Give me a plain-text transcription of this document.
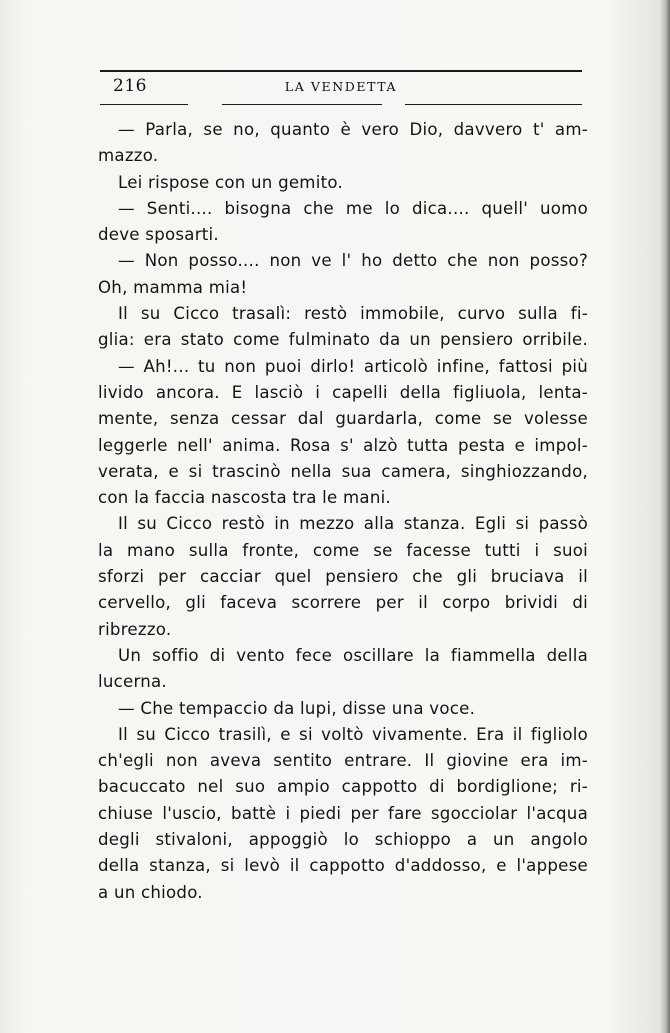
216	LA VENDETTA
— Parla, se no, quanto è vero Dio, davvero t' am-
mazzo.
Lei rispose con un gemito.
— Senti.... bisogna che me lo dica.... quell' uomo
deve sposarti.
— Non posso.... non ve l' ho detto che non posso?
Oh, mamma mia!
Il su Cicco trasalì: restò immobile, curvo sulla fi-
glia: era stato come fulminato da un pensiero orribile.
— Ah!... tu non puoi dirlo! articolò infine, fattosi più
livido ancora. E lasciò i capelli della figliuola, lenta-
mente, senza cessar dal guardarla, come se volesse
leggerle nell' anima. Rosa s' alzò tutta pesta e impol-
verata, e si trascinò nella sua camera, singhiozzando,
con la faccia nascosta tra le mani.
Il su Cicco restò in mezzo alla stanza. Egli si passò
la mano sulla fronte, come se facesse tutti i suoi
sforzi per cacciar quel pensiero che gli bruciava il
cervello, gli faceva scorrere per il corpo brividi di
ribrezzo.
Un soffio di vento fece oscillare la fiammella della
lucerna.
— Che tempaccio da lupi, disse una voce.
Il su Cicco trasilì, e si voltò vivamente. Era il figliolo
ch'egli non aveva sentito entrare. Il giovine era im-
bacuccato nel suo ampio cappotto di bordiglione; ri-
chiuse l'uscio, battè i piedi per fare sgocciolar l'acqua
degli stivaloni, appoggiò lo schioppo a un angolo
della stanza, si levò il cappotto d'addosso, e l'appese
a un chiodo.
